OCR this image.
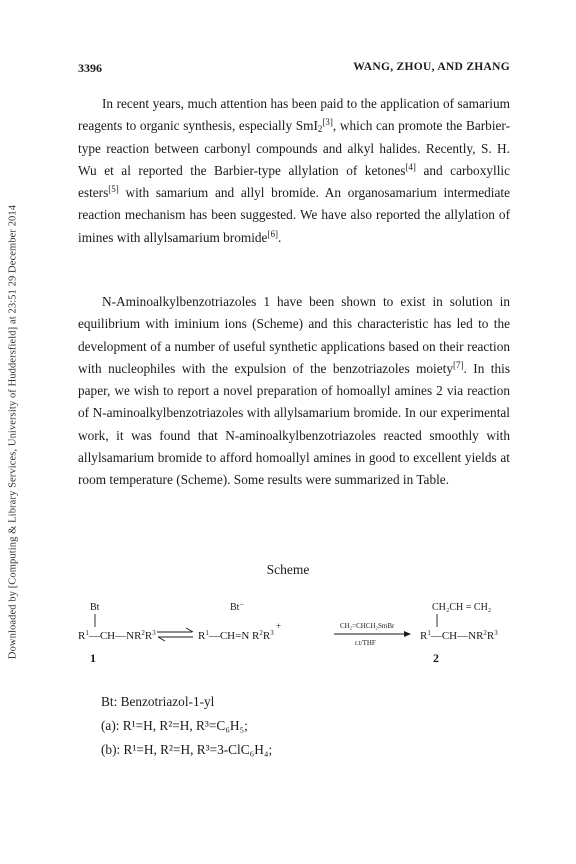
Downloaded by [Computing & Library Services, University of Huddersfield] at 23:51 29 December 2014
3396	WANG, ZHOU, AND ZHANG

In recent years, much attention has been paid to the application of samarium reagents to organic synthesis, especially SmI$_2$[3], which can promote the Barbier-type reaction between carbonyl compounds and alkyl halides. Recently, S. H. Wu et al reported the Barbier-type allylation of ketones[4] and carboxyllic esters[5] with samarium and allyl bromide. An organosamarium intermediate reaction mechanism has been suggested. We have also reported the allylation of imines with allylsamarium bromide[6].

N-Aminoalkylbenzotriazoles 1 have been shown to exist in solution in equilibrium with iminium ions (Scheme) and this characteristic has led to the development of a number of useful synthetic applications based on their reaction with nucleophiles with the expulsion of the benzotriazoles moiety[7]. In this paper, we wish to report a novel preparation of homoallyl amines 2 via reaction of N-aminoalkylbenzotriazoles with allylsamarium bromide. In our experimental work, it was found that N-aminoalkylbenzotriazoles reacted smoothly with allylsamarium bromide to afford homoallyl amines in good to excellent yields at room temperature (Scheme). Some results were summarized in Table.

Scheme
Bt
$R^1—CH—NR^2R^3$
1
Bt−
+
$R^1—CH=N$ $R^2R^3$
CH₂=CHCH₂SmBr
r.t/THF
CH₂CH = CH₂
$R^1—CH—NR^2R^3$
2
Bt: Benzotriazol-1-yl
(a): R¹=H, R²=H, R³=C₆H₅;
(b): R¹=H, R²=H, R³=3-ClC₆H₄;
